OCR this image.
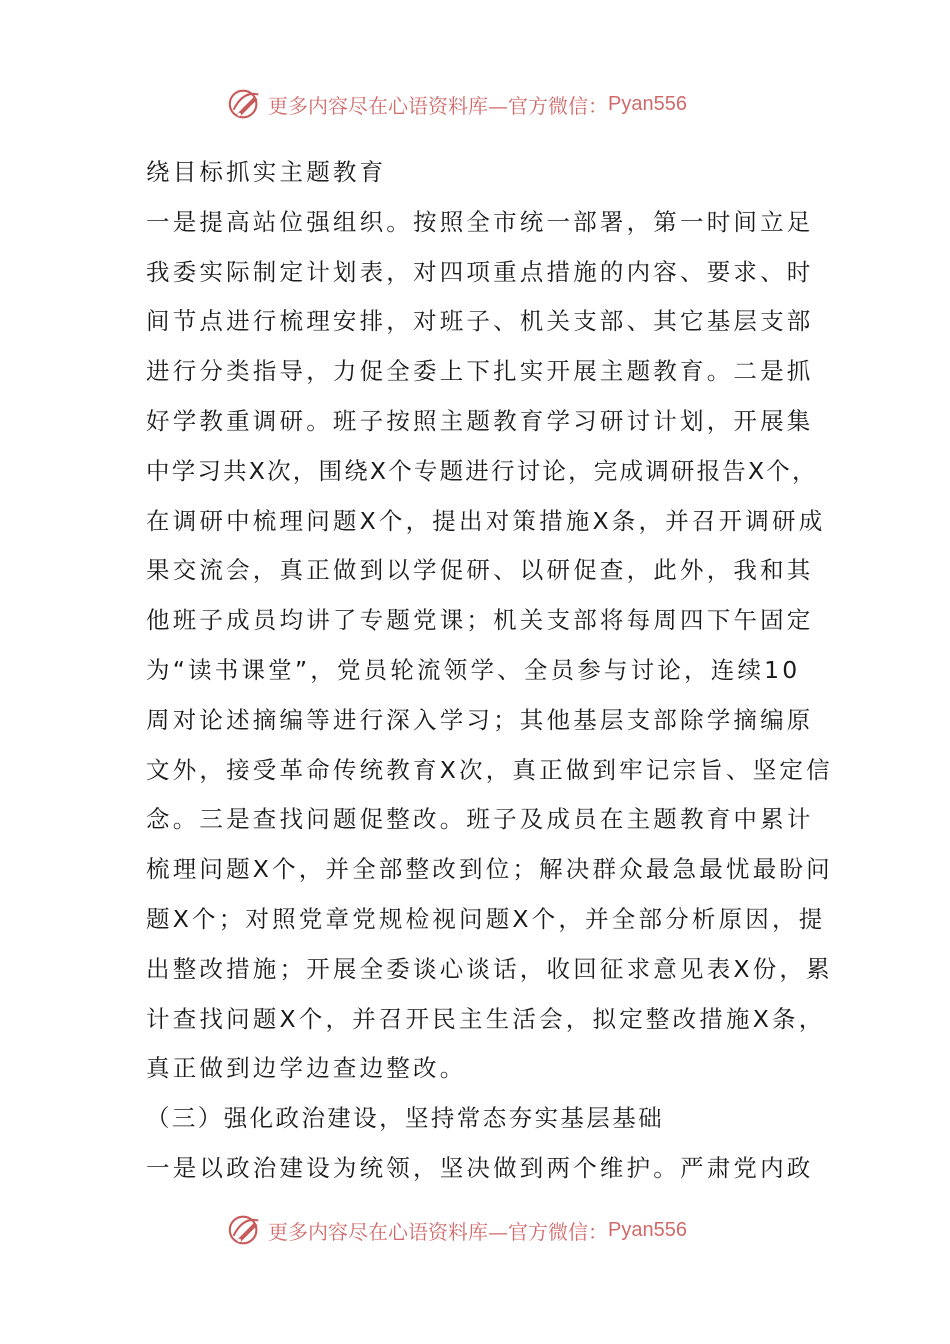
更多内容尽在心语资料库—官方微信： Pyan556
绕目标抓实主题教育
一是提高站位强组织。按照全市统一部署，第一时间立足
我委实际制定计划表，对四项重点措施的内容、要求、时
间节点进行梳理安排，对班子、机关支部、其它基层支部
进行分类指导，力促全委上下扎实开展主题教育。二是抓
好学教重调研。班子按照主题教育学习研讨计划，开展集
中学习共X次，围绕X个专题进行讨论，完成调研报告X个，
在调研中梳理问题X个，提出对策措施X条，并召开调研成
果交流会，真正做到以学促研、以研促查，此外，我和其
他班子成员均讲了专题党课；机关支部将每周四下午固定
为“读书课堂”，党员轮流领学、全员参与讨论，连续10
周对论述摘编等进行深入学习；其他基层支部除学摘编原
文外，接受革命传统教育X次，真正做到牢记宗旨、坚定信
念。三是查找问题促整改。班子及成员在主题教育中累计
梳理问题X个，并全部整改到位；解决群众最急最忧最盼问
题X个；对照党章党规检视问题X个，并全部分析原因，提
出整改措施；开展全委谈心谈话，收回征求意见表X份，累
计查找问题X个，并召开民主生活会，拟定整改措施X条，
真正做到边学边查边整改。
（三）强化政治建设，坚持常态夯实基层基础
一是以政治建设为统领，坚决做到两个维护。严肃党内政
更多内容尽在心语资料库—官方微信： Pyan556
